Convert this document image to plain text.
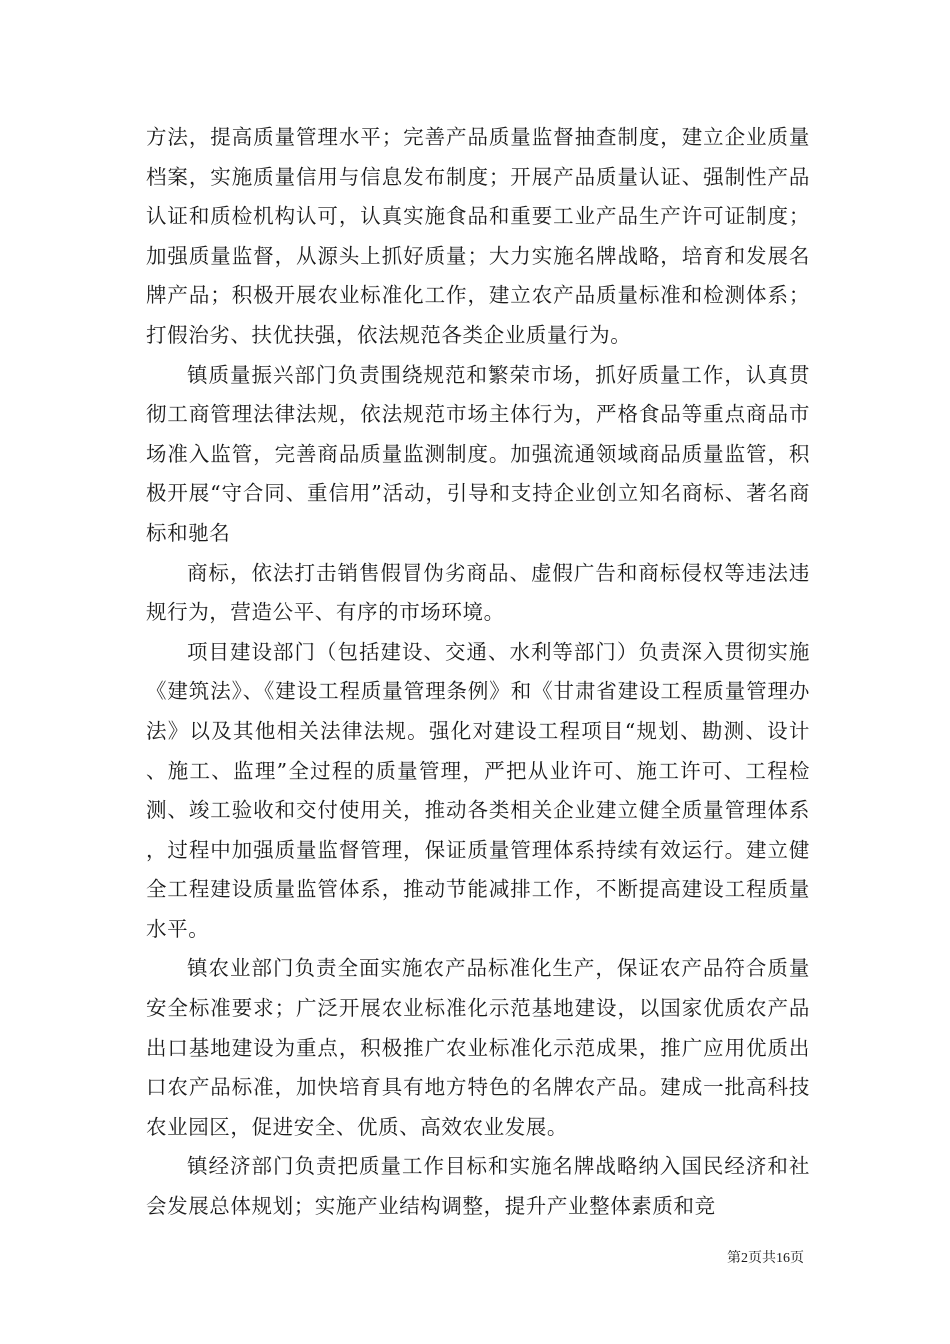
方法，提高质量管理水平；完善产品质量监督抽查制度，建立企业质量档案，实施质量信用与信息发布制度；开展产品质量认证、强制性产品认证和质检机构认可，认真实施食品和重要工业产品生产许可证制度；加强质量监督，从源头上抓好质量；大力实施名牌战略，培育和发展名牌产品；积极开展农业标准化工作，建立农产品质量标准和检测体系；打假治劣、扶优扶强，依法规范各类企业质量行为。

镇质量振兴部门负责围绕规范和繁荣市场，抓好质量工作，认真贯彻工商管理法律法规，依法规范市场主体行为，严格食品等重点商品市场准入监管，完善商品质量监测制度。加强流通领域商品质量监管，积极开展“守合同、重信用”活动，引导和支持企业创立知名商标、著名商标和驰名

商标，依法打击销售假冒伪劣商品、虚假广告和商标侵权等违法违规行为，营造公平、有序的市场环境。

项目建设部门（包括建设、交通、水利等部门）负责深入贯彻实施《建筑法》、《建设工程质量管理条例》和《甘肃省建设工程质量管理办法》以及其他相关法律法规。强化对建设工程项目“规划、勘测、设计、施工、监理”全过程的质量管理，严把从业许可、施工许可、工程检测、竣工验收和交付使用关，推动各类相关企业建立健全质量管理体系，过程中加强质量监督管理，保证质量管理体系持续有效运行。建立健全工程建设质量监管体系，推动节能减排工作，不断提高建设工程质量水平。

镇农业部门负责全面实施农产品标准化生产，保证农产品符合质量安全标准要求；广泛开展农业标准化示范基地建设，以国家优质农产品出口基地建设为重点，积极推广农业标准化示范成果，推广应用优质出口农产品标准，加快培育具有地方特色的名牌农产品。建成一批高科技农业园区，促进安全、优质、高效农业发展。

镇经济部门负责把质量工作目标和实施名牌战略纳入国民经济和社会发展总体规划；实施产业结构调整，提升产业整体素质和竞

第2页共16页
